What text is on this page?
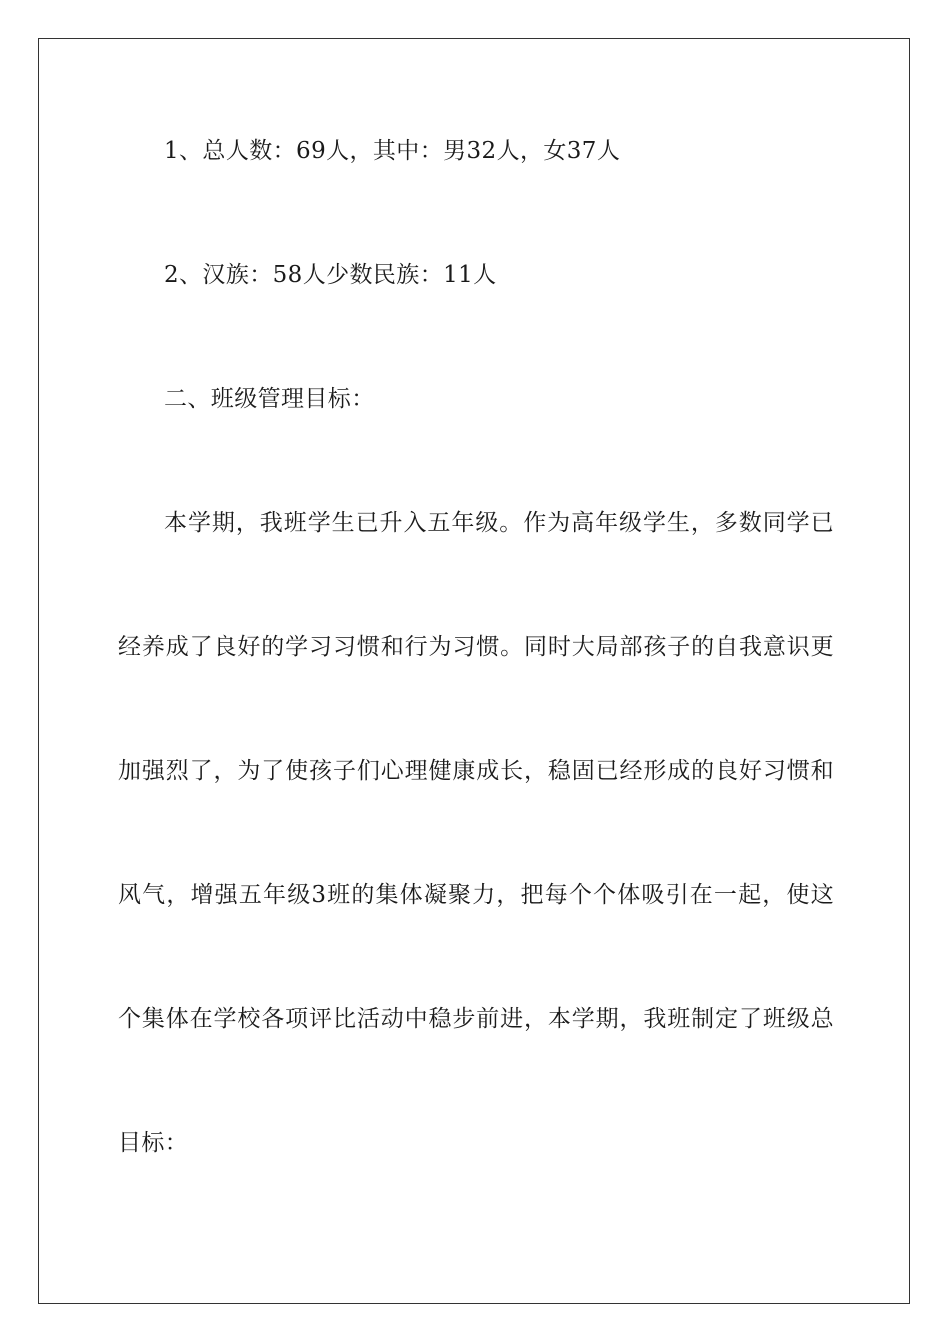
1、总人数：69人，其中：男32人，女37人
2、汉族：58人少数民族：11人
二、班级管理目标：
本学期，我班学生已升入五年级。作为高年级学生，多数同学已
经养成了良好的学习习惯和行为习惯。同时大局部孩子的自我意识更
加强烈了，为了使孩子们心理健康成长，稳固已经形成的良好习惯和
风气，增强五年级3班的集体凝聚力，把每个个体吸引在一起，使这
个集体在学校各项评比活动中稳步前进，本学期，我班制定了班级总
目标：
